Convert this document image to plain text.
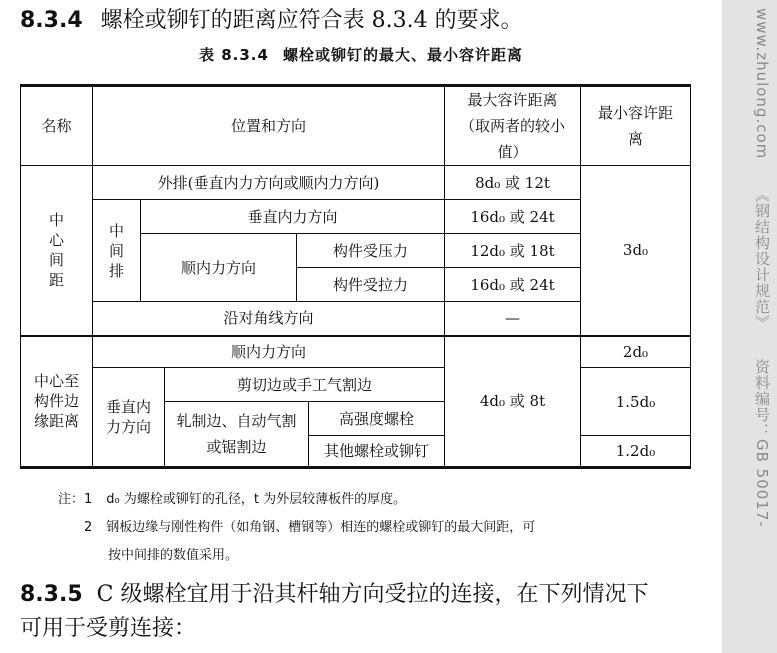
8.3.4 螺栓或铆钉的距离应符合表 8.3.4 的要求。
表 8.3.4 螺栓或铆钉的最大、最小容许距离
名称	位置和方向					最大容许距离（取两者的较小值）	最小容许距离
中心间距	外排(垂直内力方向或顺内力方向)					8d₀ 或 12t	3d₀
	中间排	垂直内力方向				16d₀ 或 24t	
		顺内力方向		构件受压力		12d₀ 或 18t	
				构件受拉力		16d₀ 或 24t	
	沿对角线方向					—	
中心至构件边缘距离	顺内力方向					4d₀ 或 8t	2d₀
	垂直内力方向		剪切边或手工气割边				1.5d₀
			轧制边、自动气割或锯割边		高强度螺栓		
					其他螺栓或铆钉		1.2d₀
注：1 d₀ 为螺栓或铆钉的孔径，t 为外层较薄板件的厚度。
2 钢板边缘与刚性构件（如角钢、槽钢等）相连的螺栓或铆钉的最大间距，可
按中间排的数值采用。
8.3.5 C 级螺栓宜用于沿其杆轴方向受拉的连接，在下列情况下
可用于受剪连接：
www.zhulong.com 《钢结构设计规范》 资料编号：GB 50017-
